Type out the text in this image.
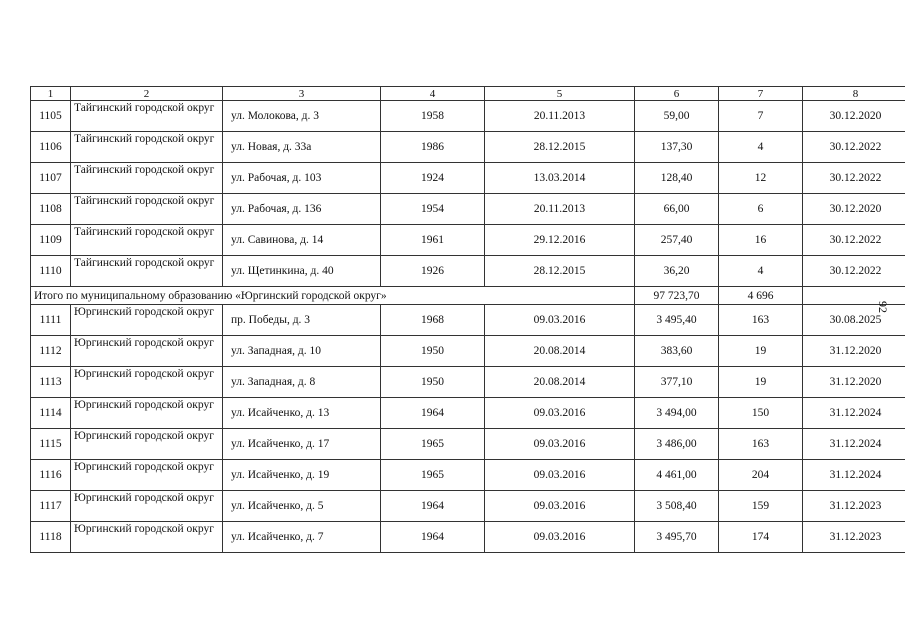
1	2	3	4	5	6	7	8
1105	Тайгинский городской округ	ул. Молокова, д. 3	1958	20.11.2013	59,00	7	30.12.2020
1106	Тайгинский городской округ	ул. Новая, д. 33а	1986	28.12.2015	137,30	4	30.12.2022
1107	Тайгинский городской округ	ул. Рабочая, д. 103	1924	13.03.2014	128,40	12	30.12.2022
1108	Тайгинский городской округ	ул. Рабочая, д. 136	1954	20.11.2013	66,00	6	30.12.2020
1109	Тайгинский городской округ	ул. Савинова, д. 14	1961	29.12.2016	257,40	16	30.12.2022
1110	Тайгинский городской округ	ул. Щетинкина, д. 40	1926	28.12.2015	36,20	4	30.12.2022
Итого по муниципальному образованию «Юргинский городской округ»					97 723,70	4 696	
1111	Юргинский городской округ	пр. Победы, д. 3	1968	09.03.2016	3 495,40	163	30.08.2025
1112	Юргинский городской округ	ул. Западная, д. 10	1950	20.08.2014	383,60	19	31.12.2020
1113	Юргинский городской округ	ул. Западная, д. 8	1950	20.08.2014	377,10	19	31.12.2020
1114	Юргинский городской округ	ул. Исайченко, д. 13	1964	09.03.2016	3 494,00	150	31.12.2024
1115	Юргинский городской округ	ул. Исайченко, д. 17	1965	09.03.2016	3 486,00	163	31.12.2024
1116	Юргинский городской округ	ул. Исайченко, д. 19	1965	09.03.2016	4 461,00	204	31.12.2024
1117	Юргинский городской округ	ул. Исайченко, д. 5	1964	09.03.2016	3 508,40	159	31.12.2023
1118	Юргинский городской округ	ул. Исайченко, д. 7	1964	09.03.2016	3 495,70	174	31.12.2023
92
